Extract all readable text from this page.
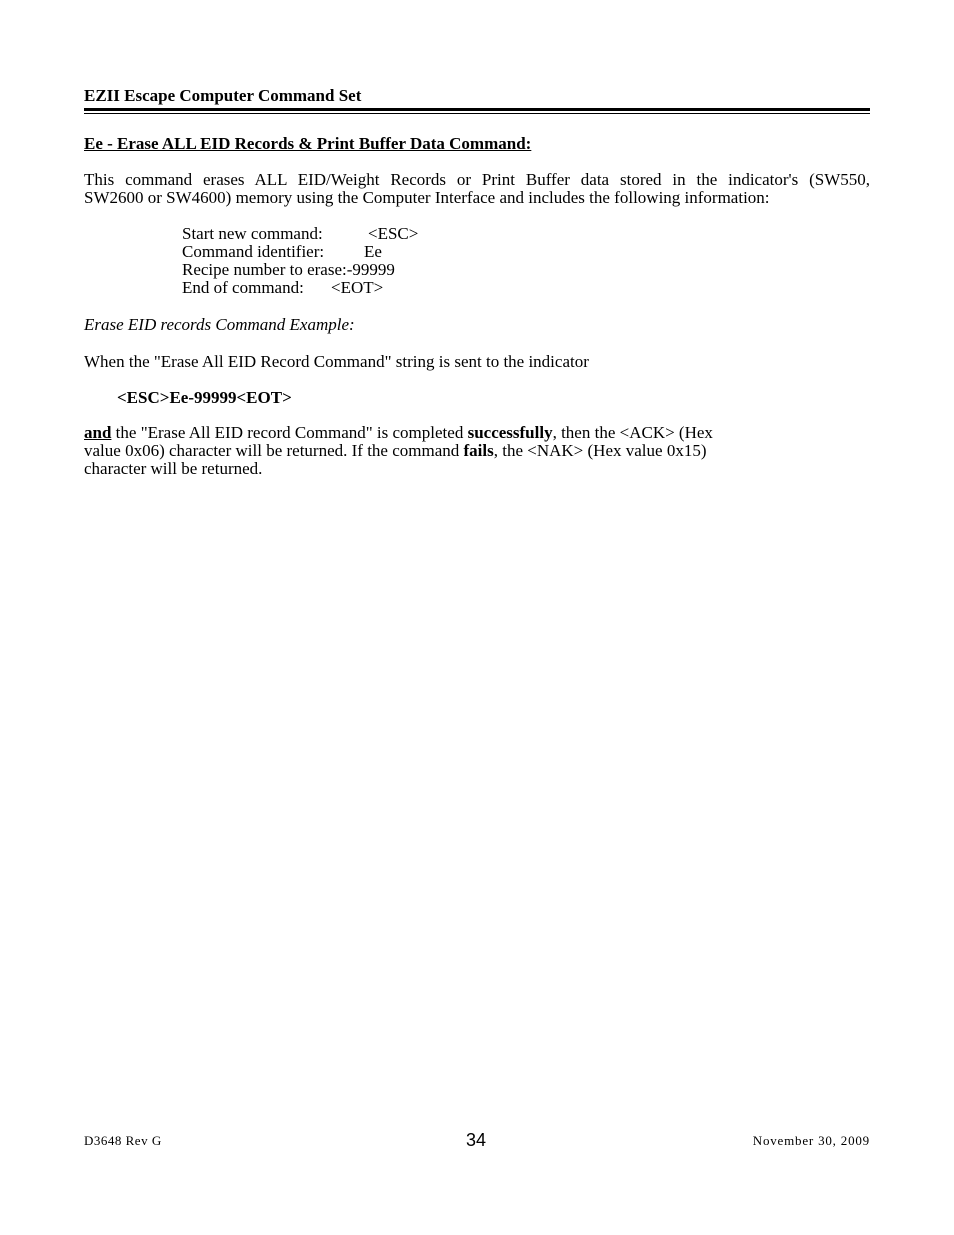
EZII Escape Computer Command Set
Ee - Erase ALL EID Records & Print Buffer Data Command:
This command erases ALL EID/Weight Records or Print Buffer data stored in the indicator's (SW550,
SW2600 or SW4600) memory using the Computer Interface and includes the following information:
Start new command:	<ESC>
Command identifier:	Ee
Recipe number to erase: -99999
End of command:	<EOT>
Erase EID records Command Example:
When the "Erase All EID Record Command" string is sent to the indicator
<ESC>Ee-99999<EOT>
and the "Erase All EID record Command" is completed successfully, then the <ACK> (Hex
value 0x06) character will be returned. If the command fails, the <NAK> (Hex value 0x15)
character will be returned.
D3648 Rev G	34	November 30, 2009
